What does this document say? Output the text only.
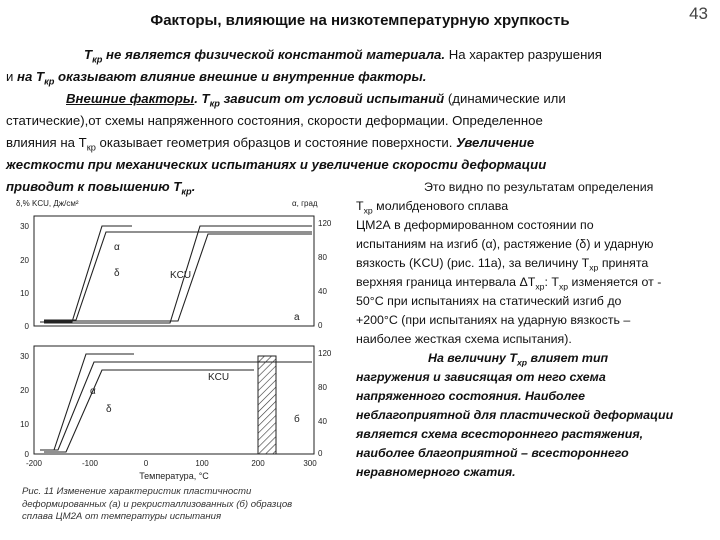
Факторы, влияющие на низкотемпературную хрупкость	43
$Т_{кр}$ не является физической константой материала. На характер разрушения
и на $Т_{кр}$ оказывают влияние внешние и внутренние факторы.
Внешние факторы. $Т_{кр}$ зависит от условий испытаний (динамические или
статические),от схемы напряженного состояния, скорости деформации. Определенное
влияния на $Т_{кр}$ оказывает геометрия образцов и состояние поверхности. Увеличение
жесткости при механических испытаниях и увеличение скорости деформации
приводит к повышению $Т_{кр}$.	Это видно по результатам определения
$Т_{хр}$ молибденового сплава
ЦМ2А в деформированном состоянии по
испытаниям на изгиб (α), растяжение (δ) и ударную
вязкость (KCU) (рис. 11а), за величину $Т_{хр}$ принята
верхняя граница интервала $\Delta Т_{хр}$: $Т_{хр}$ изменяется от -
50°С при испытаниях на статический изгиб до
+200°С (при испытаниях на ударную вязкость –
наиболее жесткая схема испытания).
На величину $Т_{хр}$ влияет тип
нагружения и зависящая от него схема
напряженного состояния. Наиболее
неблагоприятной для пластической деформации
является схема всестороннего растяжения,
наиболее благоприятной – всестороннего
неравномерного сжатия.
δ,% KCU, Дж/см²	α, град
30
20
10
0
120
80
40
0
α
KCU
δ
а
30
20
10
0
120
80
40
0
α
δ
KCU
б
-200	-100	0	100	200	300
Температура, °С
Рис. 11 Изменение характеристик пластичности
деформированных (а) и рекристаллизованных (б) образцов
сплава ЦМ2А от температуры испытания
